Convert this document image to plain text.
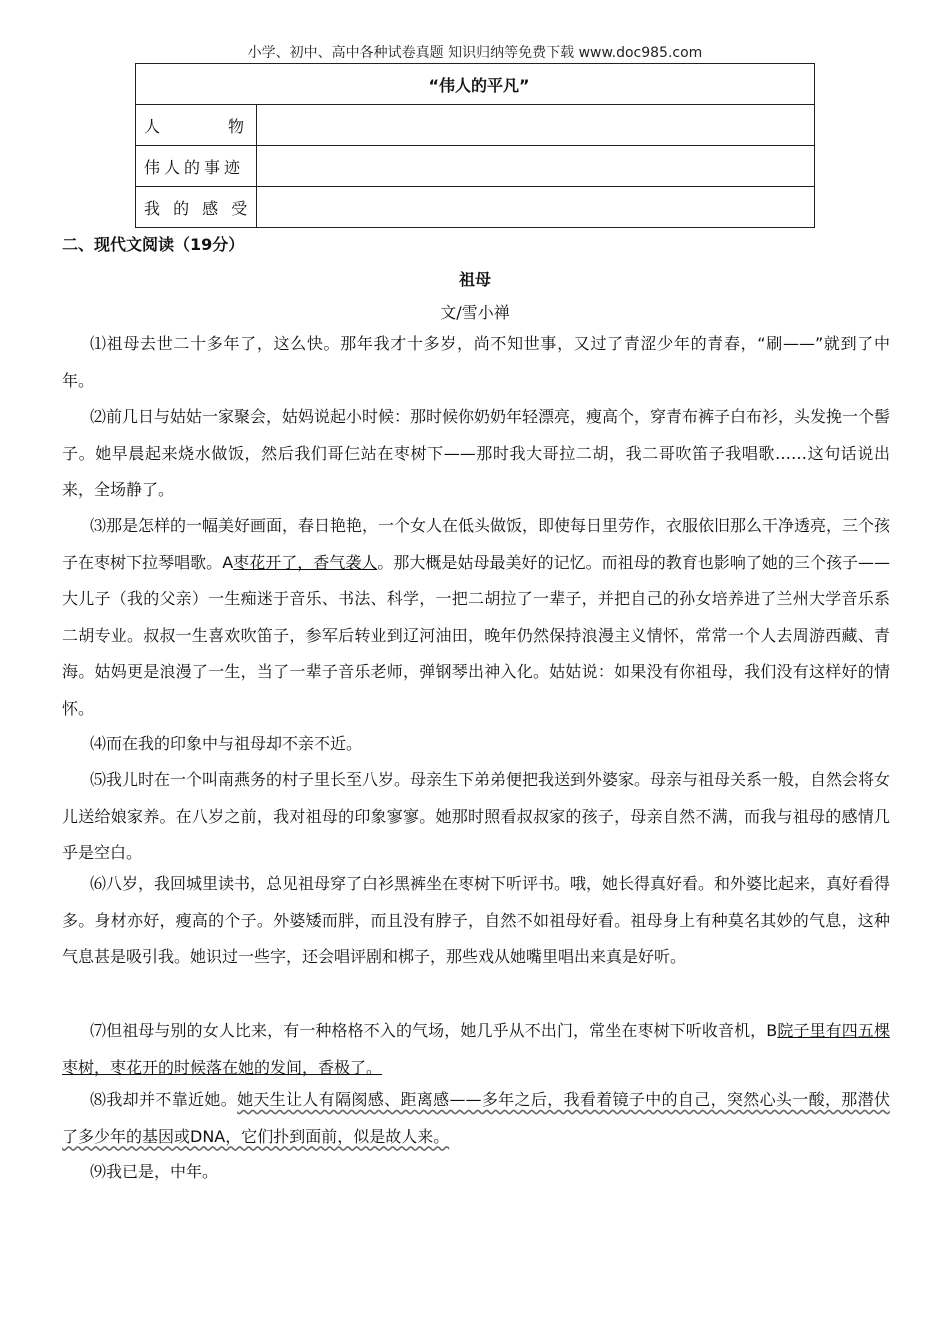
小学、初中、高中各种试卷真题 知识归纳等免费下载 www.doc985.com
“伟人的平凡”	
人 物	
伟人的事迹	
我 的 感 受	
二、现代文阅读（19分）
祖母
文/雪小禅
⑴祖母去世二十多年了，这么快。那年我才十多岁，尚不知世事，又过了青涩少年的青春，“刷——”就到了中年。
⑵前几日与姑姑一家聚会，姑妈说起小时候：那时候你奶奶年轻漂亮，瘦高个，穿青布裤子白布衫，头发挽一个髻子。她早晨起来烧水做饭，然后我们哥仨站在枣树下——那时我大哥拉二胡，我二哥吹笛子我唱歌……这句话说出来，全场静了。
⑶那是怎样的一幅美好画面，春日艳艳，一个女人在低头做饭，即使每日里劳作，衣服依旧那么干净透亮，三个孩子在枣树下拉琴唱歌。A枣花开了，香气袭人。那大概是姑母最美好的记忆。而祖母的教育也影响了她的三个孩子——大儿子（我的父亲）一生痴迷于音乐、书法、科学，一把二胡拉了一辈子，并把自己的孙女培养进了兰州大学音乐系二胡专业。叔叔一生喜欢吹笛子，参军后转业到辽河油田，晚年仍然保持浪漫主义情怀，常常一个人去周游西藏、青海。姑妈更是浪漫了一生，当了一辈子音乐老师，弹钢琴出神入化。姑姑说：如果没有你祖母，我们没有这样好的情怀。
⑷而在我的印象中与祖母却不亲不近。
⑸我儿时在一个叫南燕务的村子里长至八岁。母亲生下弟弟便把我送到外婆家。母亲与祖母关系一般，自然会将女儿送给娘家养。在八岁之前，我对祖母的印象寥寥。她那时照看叔叔家的孩子，母亲自然不满，而我与祖母的感情几乎是空白。
⑹八岁，我回城里读书，总见祖母穿了白衫黑裤坐在枣树下听评书。哦，她长得真好看。和外婆比起来，真好看得多。身材亦好，瘦高的个子。外婆矮而胖，而且没有脖子，自然不如祖母好看。祖母身上有种莫名其妙的气息，这种气息甚是吸引我。她识过一些字，还会唱评剧和梆子，那些戏从她嘴里唱出来真是好听。
⑺但祖母与别的女人比来，有一种格格不入的气场，她几乎从不出门，常坐在枣树下听收音机，B院子里有四五棵枣树，枣花开的时候落在她的发间，香极了。
⑻我却并不靠近她。她天生让人有隔阂感、距离感——多年之后，我看着镜子中的自己，突然心头一酸，那潜伏了多少年的基因或DNA，它们扑到面前，似是故人来。
⑼我已是，中年。
